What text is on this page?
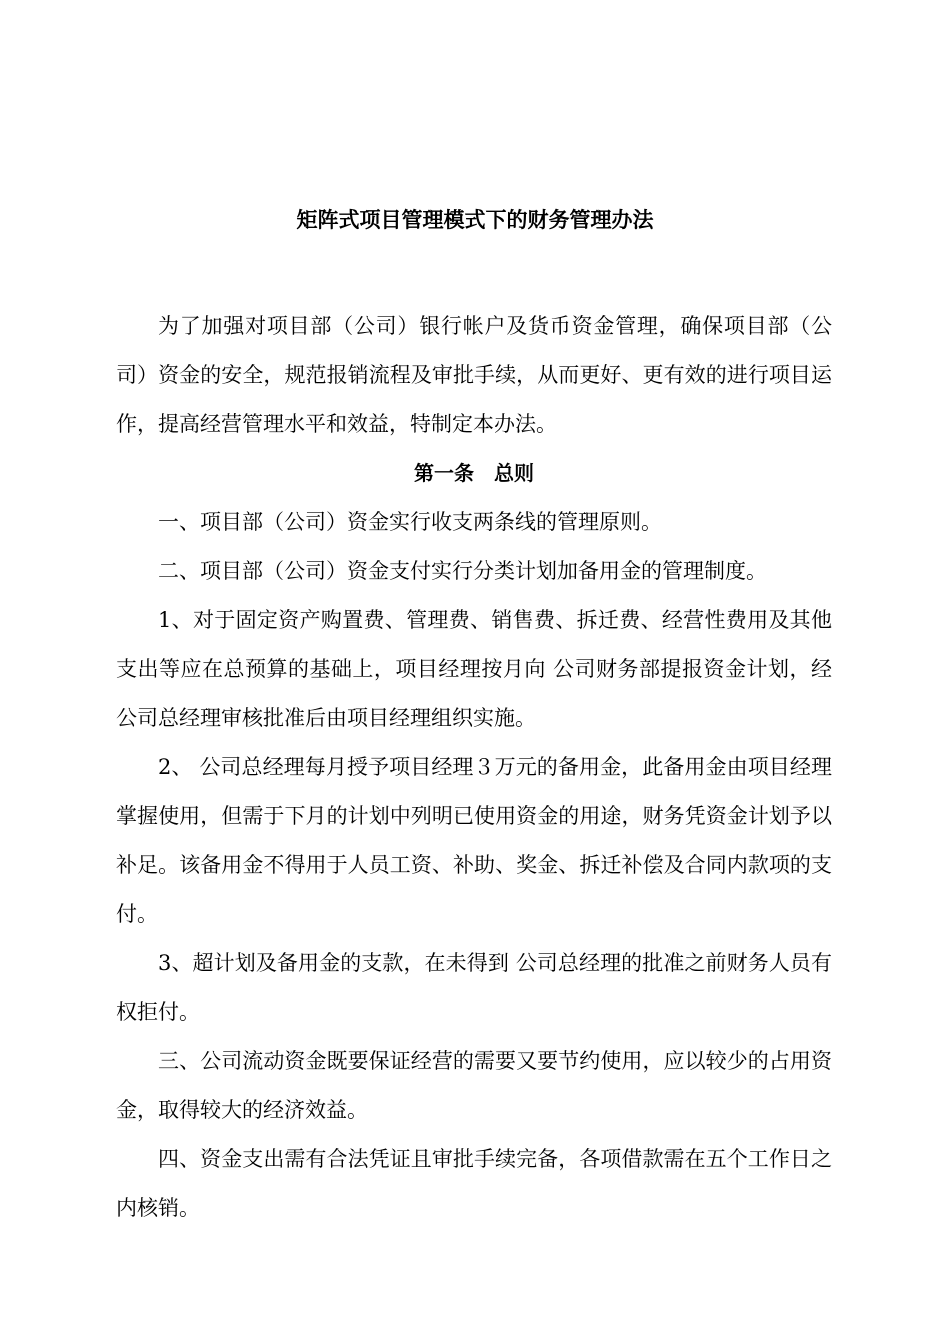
矩阵式项目管理模式下的财务管理办法

为了加强对项目部（公司）银行帐户及货币资金管理，确保项目部（公司）资金的安全，规范报销流程及审批手续，从而更好、更有效的进行项目运作，提高经营管理水平和效益，特制定本办法。

第一条　总则

一、项目部（公司）资金实行收支两条线的管理原则。

二、项目部（公司）资金支付实行分类计划加备用金的管理制度。

1、对于固定资产购置费、管理费、销售费、拆迁费、经营性费用及其他支出等应在总预算的基础上，项目经理按月向 公司财务部提报资金计划，经 公司总经理审核批准后由项目经理组织实施。

2、 公司总经理每月授予项目经理３万元的备用金，此备用金由项目经理掌握使用，但需于下月的计划中列明已使用资金的用途，财务凭资金计划予以补足。该备用金不得用于人员工资、补助、奖金、拆迁补偿及合同内款项的支付。

3、超计划及备用金的支款，在未得到 公司总经理的批准之前财务人员有权拒付。

三、公司流动资金既要保证经营的需要又要节约使用，应以较少的占用资金，取得较大的经济效益。

四、资金支出需有合法凭证且审批手续完备，各项借款需在五个工作日之内核销。
